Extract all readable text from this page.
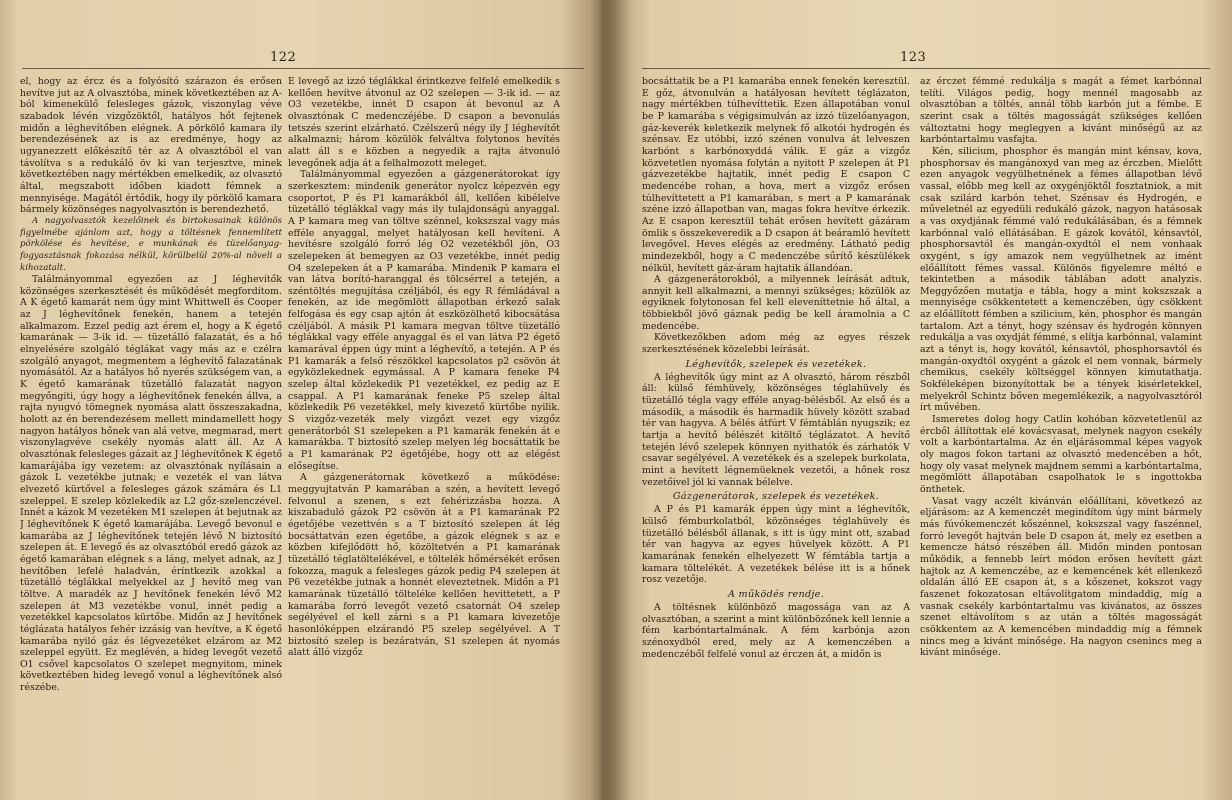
122

el, hogy az ércz és a folyósító szárazon és erősen hevítve jut az A olvasztóba, minek következtében az A-ból kimenekülő felesleges gázok, viszonylag véve szabadok lévén vizgőzöktől, hatályos hőt fejtenek midőn a léghevítőben elégnek. A pörkölő kamara ily berendezésének az is az eredménye, hogy az ugyanezzett előkészítő tér az A olvasztóból el van távolítva s a redukáló öv ki van terjesztve, minek következtében nagy mértékben emelkedik, az olvasztó által, megszabott időben kiadott fémnek a mennyisége. Magától értődik, hogy ily pörkölő kamara bármely közönséges nagyolvasztón is berendezhető.

A nagyolvasztók kezelőinek és birtokosainak különös figyelmébe ajánlom azt, hogy a töltésnek fennemlített pörkölése és hevítése, e munkának és tüzelőanyag-fogyasztásnak fokozása nélkül, körülbelül 20%-al növeli a kihozatalt.

Találmányommal egyezően az J léghevítők közönséges szerkesztését és működését megfordítom. A K égető kamarát nem úgy mint Whittwell és Cooper az J léghevítőnek fenekén, hanem a tetején alkalmazom. Ezzel pedig azt érem el, hogy a K égető kamarának — 3-ik id. — tüzetálló falazatát, és a hő elnyelésére szolgáló téglákat vagy más az e czélra szolgáló anyagot, megmentem a léghevítő falazatának nyomásától. Az a hatályos hő nyerés szükségem van, a K égető kamarának tüzetálló falazatát nagyon megyőngiti, úgy hogy a léghevítőnek fenekén állva, a rajta nyugvó tömegnek nyomása alatt összeszakadna, holott az én berendezésem mellett mindamellett hogy nagyon hatályos hőnek van alá vetve, megmarad, mert viszonylagvéve csekély nyomás alatt áll. Az A olvasztónak felesleges gázait az J léghevítőnek K égető kamarájába így vezetem: az olvasztónak nyílásain a gázok L vezetékbe jutnak; e vezeték el van látva elvezető kürtővel a felesleges gázok számára és L1 szeleppel. E szelep közlekedik az L2 gőz-szelenczével. Innét a kázok M vezetéken M1 szelepen át bejutnak az J léghevítőnek K égető kamarájába. Levegő bevonul e kamarába az J léghevítőnek tetején lévő N biztosító szelepen át. E levegő és az olvasztóból eredő gázok az égető kamarában elégnek s a láng, melyet adnak, az J hevítőben lefelé haladván, éríntkezik azokkal a tüzetálló téglákkal melyekkel az J hevítő meg van töltve. A maradék az J hevítőnek fenekén lévő M2 szelepen át M3 vezetékbe vonul, innét pedig a vezetékkel kapcsolatos kürtőbe. Midőn az J hevítőnek téglázata hatályos fehér izzásig van hevítve, a K égető kamarába nyiló gáz és légvezetéket elzárom az M2 szeleppel együtt. Ez meglévén, a hideg levegőt vezető O1 csővel kapcsolatos O szelepet megnyitom, minek következtében hideg levegő vonul a léghevítőnek alsó részébe.

E levegő az izzó téglákkal érintkezve felfelé emelkedik s kellően hevítve átvonul az O2 szelepen — 3-ik id. — az O3 vezetékbe, innét D csapon át bevonul az A olvasztónak C medenczéjébe. D csapon a bevonulás tetszés szerint elzárható. Czélszerű négy ily J léghevítőt alkalmazni; három közülök felváltva folytonos hevítés alatt áll s e közben a negyedik a rajta átvonuló levegőnek adja át a felhalmozott meleget.

Találmányommal egyezően a gázgenerátorokat így szerkesztem: mindenik generátor nyolcz képezvén egy csoportot, P és P1 kamarákból áll, kellően kibélelve tüzetálló téglákkal vagy más ily tulajdonságú anyaggal. A P kamara meg van töltve szénnel, kokszszal vagy más efféle anyaggal, melyet hatályosan kell hevíteni. A hevítésre szolgáló forró lég O2 vezetékből jön, O3 szelepeken át bemegyen az O3 vezetékbe, innét pedig O4 szelepeken át a P kamarába. Mindenik P kamara el van látva borító-haranggal és tölcsérrel a tetején, a széntöltés megujítása czéljából, és egy R fémládával a fenekén, az ide megömlött állapotban érkező salak felfogása és egy csap ajtón át eszközölhető kibocsátása czéljából. A másik P1 kamara megvan töltve tüzetálló téglákkal vagy efféle anyaggal és el van látva P2 égető kamarával éppen úgy mint a léghevítő, a tetején. A P és P1 kamarák a felső részökkel kapcsolatos p2 csövön át egyközlekednek egymással. A P kamara feneke P4 szelep által közlekedik P1 vezetékkel, ez pedig az E csappal. A P1 kamarának feneke P5 szelep által közlekedik P6 vezetékkel, mely kivezető kürtőbe nyilik. S vizgőz-vezeték mely vizgőzt vezet egy vizgőz generátorból S1 szelepeken a P1 kamarák fenekén át e kamarákba. T biztosító szelep melyen lég bocsáttatik be a P1 kamarának P2 égetőjébe, hogy ott az elégést elősegítse.

A gázgenerátornak következő a működése: meggyujtatván P kamarában a szén, a hevített levegő felvonul a szenen, s ezt fehérizzásba hozza. A kiszabaduló gázok P2 csövön át a P1 kamarának P2 égetőjébe vezettvén s a T biztosító szelepen át lég bocsáttatván ezen égetőbe, a gázok elégnek s az e közben kifejlődött hő, közöltetvén a P1 kamarának tüzetálló téglatöltelékével, e töltelék hőmérsékét erősen fokozza, maguk a felesleges gázok pedig P4 szelepen át P6 vezetékbe jutnak a honnét eleveztetnek. Midőn a P1 kamarának tüzetálló töltelékе kellően hevittetett, a P kamarába forró levegőt vezető csatornát O4 szelep segélyével el kell zárni s a P1 kamara kivezetője hasonlóképpen elzárandó P5 szelep segélyével. A T biztosító szelep is bezáratván, S1 szelepen át nyomás alatt álló vizgőz

123

bocsáttatik be a P1 kamarába ennek fenekén keresztül. E gőz, átvonulván a hatályosan hevített téglázaton, nagy mértékben túlhevíttetik. Ezen állapotában vonul be P kamarába s végigsimulván az izzó tüzelőanyagon, gáz-keverék keletkezik melynek fő alkotói hydrogén és szénsav. Ez utóbbi, izzó szénen vonulva át lelveszen karbónt s karbónoxyddá válik. E gáz a vizgőz közvetetlen nyomása folytán a nyitott P szelepen át P1 gázvezetékbe hajtatik, innét pedig E csapon C medencébe rohan, a hova, mert a vizgőz erősen túlhevíttetett a P1 kamarában, s mert a P kamarának széne izzó állapotban van, magas fokra hevítve érkezik. Az E csapon keresztül tehát erősen hevített gázáram ömlik s összekeveredik a D csapon át beáramló hevített levegővel. Heves elégés az eredmény. Látható pedig mindezekből, hogy a C medenczébe sűrítő készülékek nélkül, hevített gáz-áram hajtatik állandóan.

A gázgenerátorokból, a milyennek leírását adtuk, annyit kell alkalmazni, a mennyi szükséges; közülök az egyiknek folytonosan fel kell eleveníttetnie hő által, a többiekből jövő gáznak pedig be kell áramolnia a C medencébe.

Következőkben adom még az egyes részek szerkesztésének közelebbi leírását.

Léghevítők, szelepek és vezetékek.

A léghevítők úgy mint az A olvasztó, három részből áll: külső fémhüvely, közönséges téglahüvely és tüzetálló tégla vagy efféle anyag-bélésből. Az első és a második, a második és harmadik hüvely között szabad tér van hagyva. A bélés átfúrt V fémtáblán nyugszik; ez tartja a hevítő bélészét kitöltő téglázatot. A hevítő tetején lévő szelepek könnyen nyithatók és zárhatók V csavar segélyével. A vezetékek és a szelepek burkolata, mint a hevített légnemüeknek vezetői, a hőnek rosz vezetőivel jól ki vannak bélelve.

Gázgenerátorok, szelepek és vezetékek.

A P és P1 kamarák éppen úgy mint a léghevítők, külső fémburkolatból, közönséges téglahüvely és tüzetálló bélésből állanak, s itt is úgy mint ott, szabad tér van hagyva az egyes hüvelyek között. A P1 kamarának fenekén elhelyezett W fémtábla tartja a kamara töltelékét. A vezetékek bélése itt is a hőnek rosz vezetője.

A működés rendje.

A töltésnek különböző magossága van az A olvasztóban, a szerint a mint különbözőnek kell lennie a fém karbóntartalmának. A fém karbónja azon szénoxydból ered, mely az A kemenczében a medenczéből felfelé vonul az érczen át, a midőn is

az érczet fémmé redukálja s magát a fémet karbónnal telíti. Világos pedig, hogy mennél magosabb az olvasztóban a töltés, annál több karbón jut a fémbe. E szerint csak a töltés magosságát szükséges kellően változtatni hogy meglegyen a kivánt minőségű az az karbóntartalmu vasfajta.

Kén, silicium, phosphor és mangán mint kénsav, kova, phosphorsav és mangánoxyd van meg az érczben. Mielőtt ezen anyagok vegyülhetnének a fémes állapotban lévő vassal, előbb meg kell az oxygénjöktől fosztatniok, a mit csak szilárd karbón tehet. Szénsav és Hydrogén, e műveletnél az egyedüli redukáló gázok, nagyon hatásosak a vas oxydjának fémmé való redukálásában, és a fémnek karbónnal való ellátásában. E gázok kovától, kénsavtól, phosphorsavtól és mangán-oxydtól el nem vonhaak oxygént, s így amazok nem vegyülhetnek az imént előállított fémes vassal. Különös figyelemre méltó e tekintetben a második táblában adott analyzis. Meggyőzően mutatja e tábla, hogy a mint kokszszak a mennyisége csökkentetett a kemenczében, úgy csökkent az előállított fémben a szilicium, kén, phosphor és mangán tartalom. Azt a tényt, hogy szénsav és hydrogén könnyen redukálja a vas oxydját fémmé, s elítja karbónnal, valamint azt a tényt is, hogy kovától, kénsavtól, phosphorsavtól és mangán-oxydtól oxygént a gázok el nem vonnak, bármely chemikus, csekély költséggel könnyen kimutathatja. Sokféleképen bizonyítottak be a tények kisérletekkel, melyekről Schintz bőven megemlékezik, a nagyolvasztóról írt művében.

Ismeretes dolog hogy Catlin kohóban közvetetlenül az ércből állítottak elé kovácsvasat, melynek nagyon csekély volt a karbóntartalma. Az én eljárásommal képes vagyok oly magos fokon tartani az olvasztó medencében a hőt, hogy oly vasat melynek majdnem semmi a karbóntartalma, megömlött állapotában csapolhatok le s ingottokba önthetek.

Vasat vagy aczélt kivánván előállítani, következő az eljárásom: az A kemenczét megindítom úgy mint bármely más fúvókemenczét kőszénnel, kokszszal vagy faszénnel, forró levegőt hajtván bele D csapon át, mely ez esetben a kemencze hátsó részében áll. Midőn minden pontosan működik, a fennebb leírt módon erősen hevített gázt hajtok az A kemenczébe, az e kemencének két ellenkező oldalán álló EE csapon át, s a kőszenet, kokszot vagy faszenet fokozatosan eltávolítgatom mindaddig, míg a vasnak csekély karbóntartalmu vas kivánatos, az összes szenet eltávolítom s az után a töltés magosságát csökkentem az A kemencében mindaddig míg a fémnek nincs meg a kivánt minősége. Ha nagyon csenincs meg a kivánt minősége.
